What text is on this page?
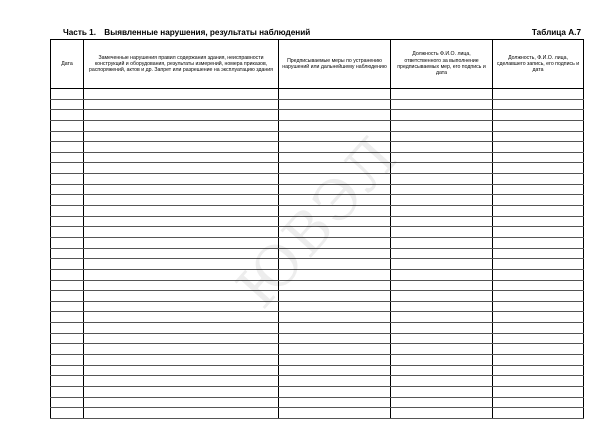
Часть 1. Выявленные нарушения, результаты наблюдений	Таблица А.7
Дата	Замеченные нарушения правил содержания здания, неисправности конструкций и оборудования, результаты измерений, номера приказов, распоряжений, актов и др. Запрет или разрешение на эксплуатацию здания	Предписываемые меры по устранению нарушений или дальнейшему наблюдению	Должность Ф.И.О. лица, ответственного за выполнение предписываемых мер, его подпись и дата	Должность, Ф.И.О. лица, сделавшего запись, его подпись и дата

ЮВЭЛ
